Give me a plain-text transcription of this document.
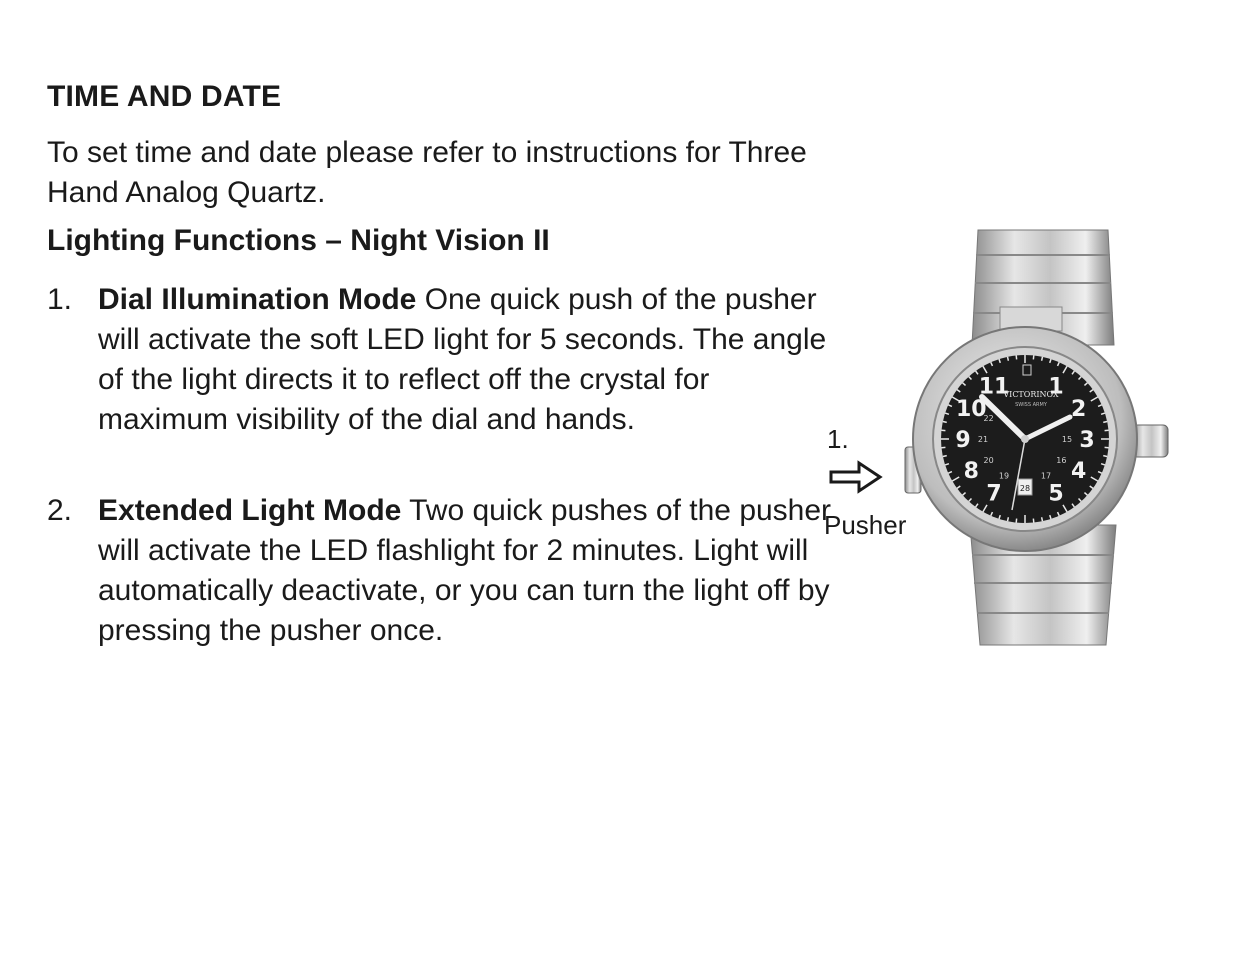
TIME AND DATE
To set time and date please refer to instructions for Three Hand Analog Quartz.
Lighting Functions – Night Vision II
1. Dial Illumination Mode One quick push of the pusher will activate the soft LED light for 5 seconds. The angle of the light directs it to reflect off the crystal for maximum visibility of the dial and hands.
2. Extended Light Mode Two quick pushes of the pusher will activate the LED flashlight for 2 minutes. Light will automatically deactivate, or you can turn the light off by pressing the pusher once.
1.
Pusher
1
2
3
4
5
7
8
9
10
11
15
16
17
19
20
21
22
VICTORINOX
SWISS ARMY
28
